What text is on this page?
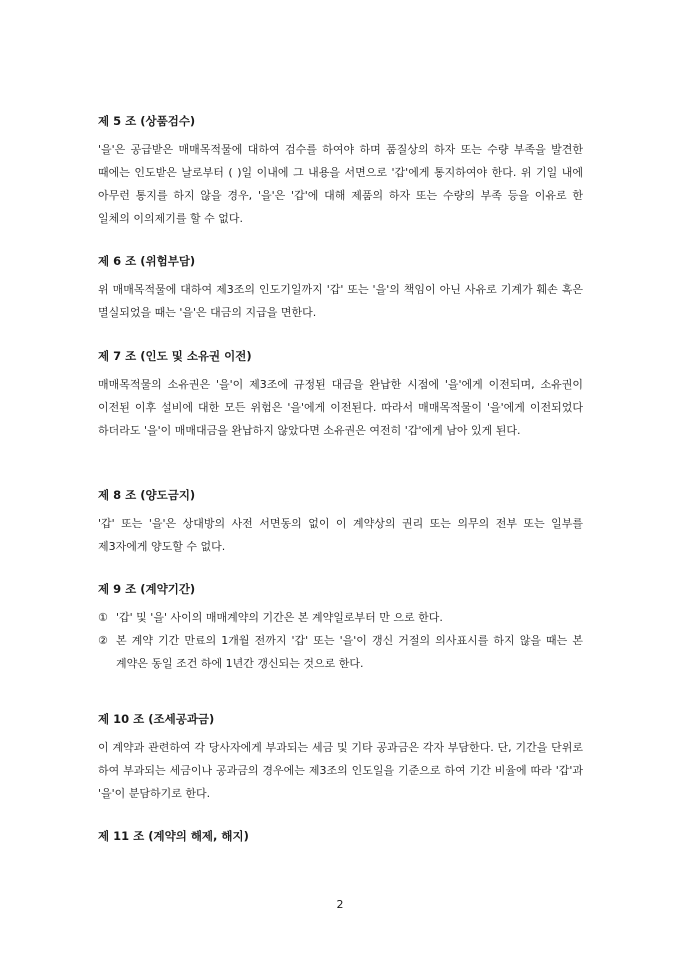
제 5 조 (상품검수)

'을'은 공급받은 매매목적물에 대하여 검수를 하여야 하며 품질상의 하자 또는 수량 부족을 발견한 때에는 인도받은 날로부터 ( )일 이내에 그 내용을 서면으로 '갑'에게 통지하여야 한다. 위 기일 내에 아무런 통지를 하지 않을 경우, '을'은 '갑'에 대해 제품의 하자 또는 수량의 부족 등을 이유로 한 일체의 이의제기를 할 수 없다.

제 6 조 (위험부담)

위 매매목적물에 대하여 제3조의 인도기일까지 '갑' 또는 '을'의 책임이 아닌 사유로 기계가 훼손 혹은 멸실되었을 때는 '을'은 대금의 지급을 면한다.

제 7 조 (인도 및 소유권 이전)

매매목적물의 소유권은 '을'이 제3조에 규정된 대금을 완납한 시점에 '을'에게 이전되며, 소유권이 이전된 이후 설비에 대한 모든 위험은 '을'에게 이전된다. 따라서 매매목적물이 '을'에게 이전되었다 하더라도 '을'이 매매대금을 완납하지 않았다면 소유권은 여전히 '갑'에게 남아 있게 된다.

제 8 조 (양도금지)

'갑' 또는 '을'은 상대방의 사전 서면동의 없이 이 계약상의 권리 또는 의무의 전부 또는 일부를 제3자에게 양도할 수 없다.

제 9 조 (계약기간)
① '갑' 및 '을' 사이의 매매계약의 기간은 본 계약일로부터 만 으로 한다.
② 본 계약 기간 만료의 1개월 전까지 '갑' 또는 '을'이 갱신 거절의 의사표시를 하지 않을 때는 본 계약은 동일 조건 하에 1년간 갱신되는 것으로 한다.
제 10 조 (조세공과금)

이 계약과 관련하여 각 당사자에게 부과되는 세금 및 기타 공과금은 각자 부담한다. 단, 기간을 단위로 하여 부과되는 세금이나 공과금의 경우에는 제3조의 인도일을 기준으로 하여 기간 비율에 따라 '갑'과 '을'이 분담하기로 한다.

제 11 조 (계약의 해제, 해지)
2
